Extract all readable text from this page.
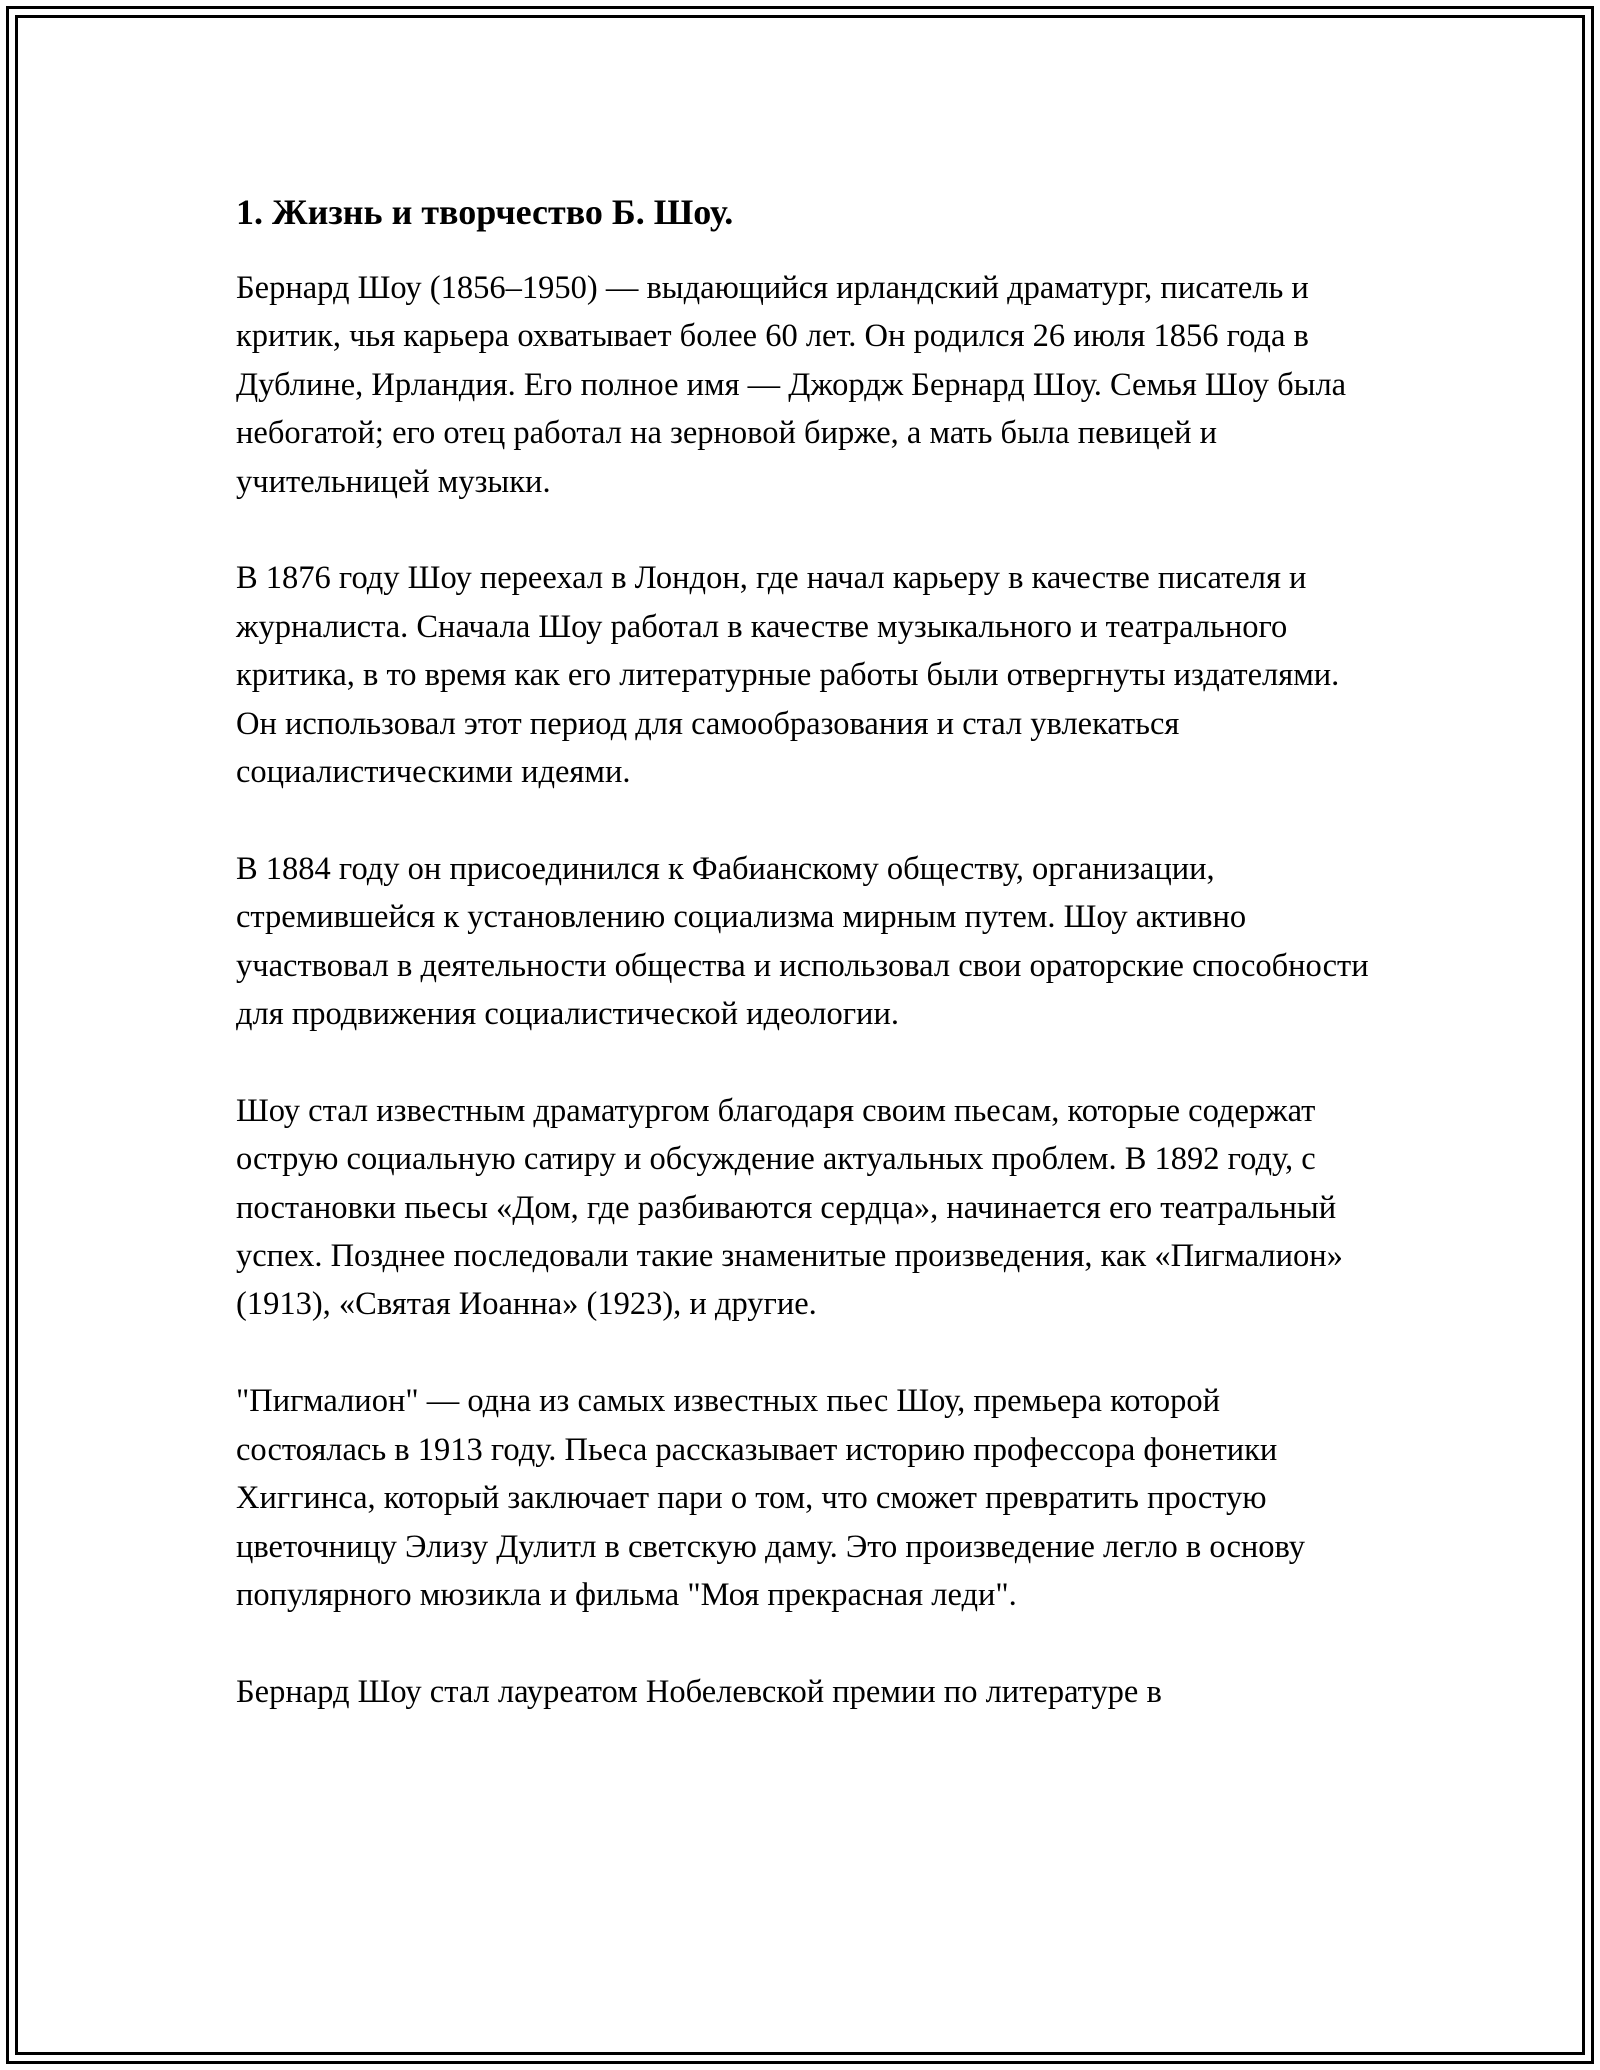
1. Жизнь и творчество Б. Шоу.

Бернард Шоу (1856–1950) — выдающийся ирландский драматург, писатель и критик, чья карьера охватывает более 60 лет. Он родился 26 июля 1856 года в Дублине, Ирландия. Его полное имя — Джордж Бернард Шоу. Семья Шоу была небогатой; его отец работал на зерновой бирже, а мать была певицей и учительницей музыки.

В 1876 году Шоу переехал в Лондон, где начал карьеру в качестве писателя и журналиста. Сначала Шоу работал в качестве музыкального и театрального критика, в то время как его литературные работы были отвергнуты издателями. Он использовал этот период для самообразования и стал увлекаться социалистическими идеями.

В 1884 году он присоединился к Фабианскому обществу, организации, стремившейся к установлению социализма мирным путем. Шоу активно участвовал в деятельности общества и использовал свои ораторские способности для продвижения социалистической идеологии.

Шоу стал известным драматургом благодаря своим пьесам, которые содержат острую социальную сатиру и обсуждение актуальных проблем. В 1892 году, с постановки пьесы «Дом, где разбиваются сердца», начинается его театральный успех. Позднее последовали такие знаменитые произведения, как «Пигмалион» (1913), «Святая Иоанна» (1923), и другие.

"Пигмалион" — одна из самых известных пьес Шоу, премьера которой состоялась в 1913 году. Пьеса рассказывает историю профессора фонетики Хиггинса, который заключает пари о том, что сможет превратить простую цветочницу Элизу Дулитл в светскую даму. Это произведение легло в основу популярного мюзикла и фильма "Моя прекрасная леди".

Бернард Шоу стал лауреатом Нобелевской премии по литературе в
